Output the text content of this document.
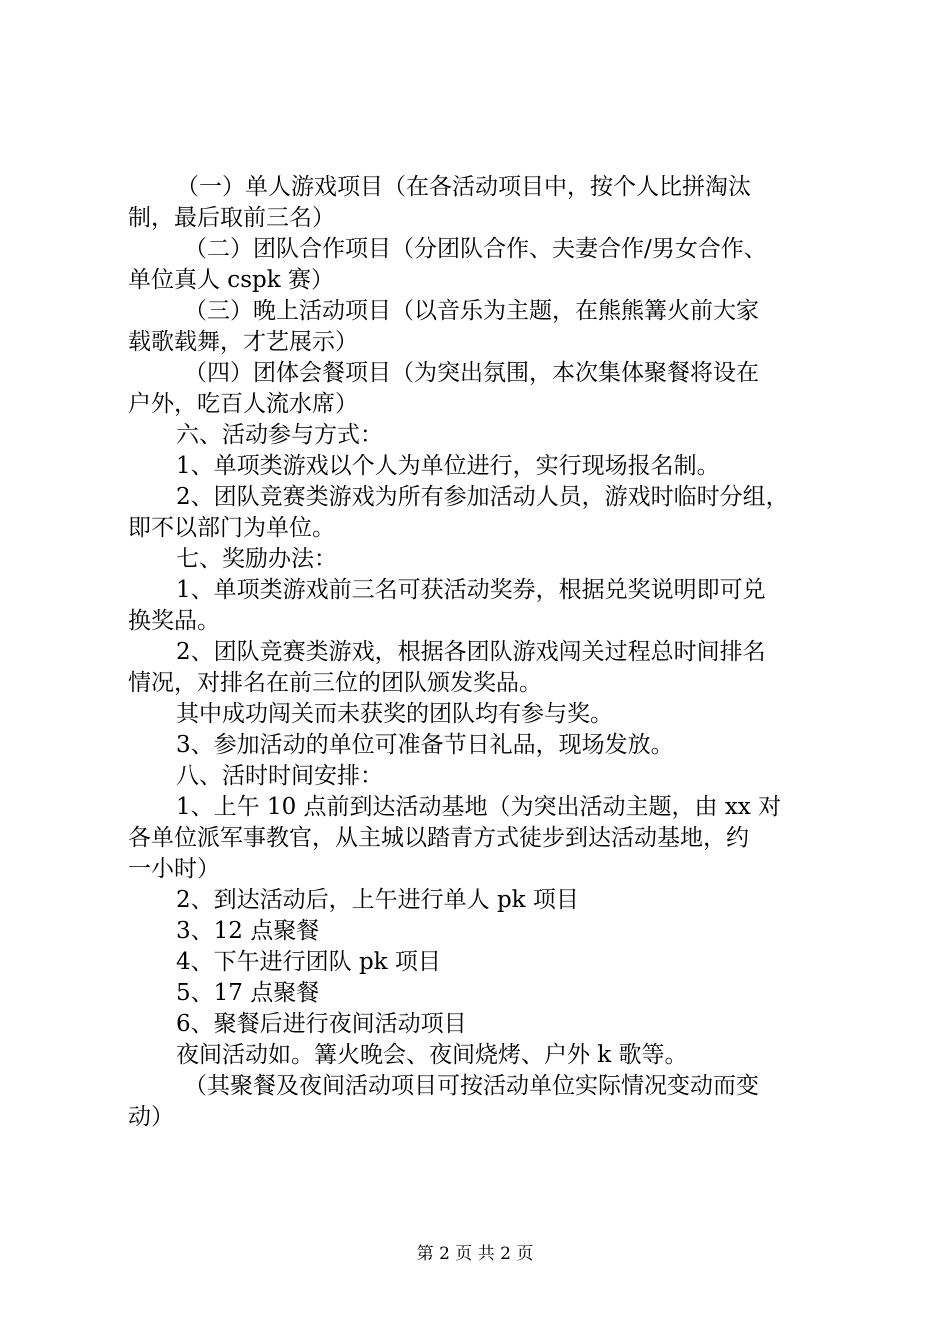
（一）单人游戏项目（在各活动项目中，按个人比拼淘汰
制，最后取前三名）
（二）团队合作项目（分团队合作、夫妻合作/男女合作、
单位真人 cspk 赛）
（三）晚上活动项目（以音乐为主题，在熊熊篝火前大家
载歌载舞，才艺展示）
（四）团体会餐项目（为突出氛围，本次集体聚餐将设在
户外，吃百人流水席）
六、活动参与方式：
1、单项类游戏以个人为单位进行，实行现场报名制。
2、团队竞赛类游戏为所有参加活动人员，游戏时临时分组，
即不以部门为单位。
七、奖励办法：
1、单项类游戏前三名可获活动奖券，根据兑奖说明即可兑
换奖品。
2、团队竞赛类游戏，根据各团队游戏闯关过程总时间排名
情况，对排名在前三位的团队颁发奖品。
其中成功闯关而未获奖的团队均有参与奖。
3、参加活动的单位可准备节日礼品，现场发放。
八、活时时间安排：
1、上午 10 点前到达活动基地（为突出活动主题，由 xx 对
各单位派军事教官，从主城以踏青方式徒步到达活动基地，约
一小时）
2、到达活动后，上午进行单人 pk 项目
3、12 点聚餐
4、下午进行团队 pk 项目
5、17 点聚餐
6、聚餐后进行夜间活动项目
夜间活动如。篝火晚会、夜间烧烤、户外 k 歌等。
（其聚餐及夜间活动项目可按活动单位实际情况变动而变
动）
第 2 页 共 2 页
